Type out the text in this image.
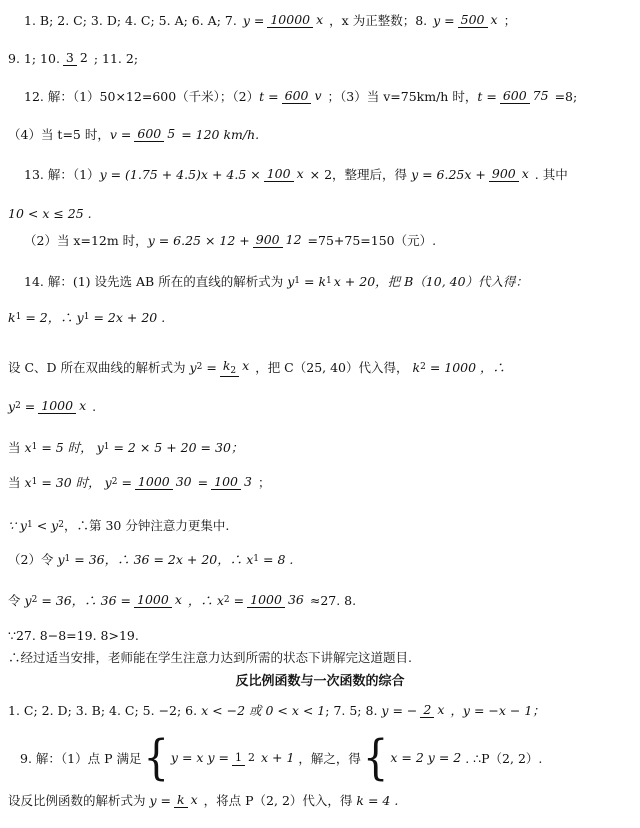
1. B; 2. C; 3. D; 4. C; 5. A; 6. A; 7. y = 10000 x ，x 为正整数；8. y = 500 x ；
9. 1; 10. 3 2 ; 11. 2;
12. 解：（1）50×12=600（千米）；（2） t = 600 v ；（3）当 v=75km/h 时， t = 600 75 =8;
（4）当 t=5 时， v = 600 5 = 120 km/h.
13. 解：（1） y = (1.75 + 4.5)x + 4.5 × 100 x × 2，整理后，得 y = 6.25x + 900 x . 其中
10 < x ≤ 25 .
（2）当 x=12m 时， y = 6.25 × 12 + 900 12 =75+75=150（元）.
14. 解：(1) 设先选 AB 所在的直线的解析式为 y 1 = k 1 x + 20，把 B（10, 40）代入得：
k 1 = 2，∴ y 1 = 2x + 20 .
设 C、D 所在双曲线的解析式为 y 2 = k2 x ，把 C（25, 40）代入得， k 2 = 1000 ，∴
y 2 = 1000 x .
当 x 1 = 5 时， y 1 = 2 × 5 + 20 = 30；
当 x 1 = 30 时， y 2 = 1000 30 = 100 3 ；
∵ y 1 < y 2 ，∴第 30 分钟注意力更集中.
（2）令 y 1 = 36，∴ 36 = 2x + 20，∴ x 1 = 8 .
令 y 2 = 36，∴ 36 = 1000 x ，∴ x 2 = 1000 36 ≈27. 8.
∵27. 8−8=19. 8>19.
∴经过适当安排，老师能在学生注意力达到所需的状态下讲解完这道题目.
反比例函数与一次函数的综合
1. C; 2. D; 3. B; 4. C; 5. −2; 6. x < −2 或 0 < x < 1 ; 7. 5; 8. y = − 2 x ，y = −x − 1；
9. 解：（1）点 P 满足 { y = x y = 1 2 x + 1 ，解之，得 { x = 2 y = 2 . ∴P（2, 2）.
设反比例函数的解析式为 y = k x ，将点 P（2, 2）代入，得 k = 4 .
